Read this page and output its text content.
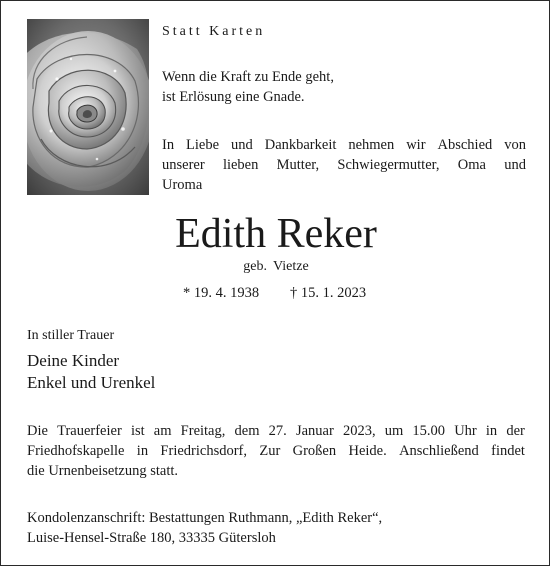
Statt Karten
Wenn die Kraft zu Ende geht,
ist Erlösung eine Gnade.
In Liebe und Dankbarkeit nehmen wir Abschied von
unserer lieben Mutter, Schwiegermutter, Oma und
Uroma
Edith Reker
geb. Vietze
* 19. 4. 1938 † 15. 1. 2023
In stiller Trauer
Deine Kinder
Enkel und Urenkel
Die Trauerfeier ist am Freitag, dem 27. Januar 2023, um 15.00 Uhr in der
Friedhofskapelle in Friedrichsdorf, Zur Großen Heide. Anschließend findet
die Urnenbeisetzung statt.
Kondolenzanschrift: Bestattungen Ruthmann, „Edith Reker“,
Luise-Hensel-Straße 180, 33335 Gütersloh
